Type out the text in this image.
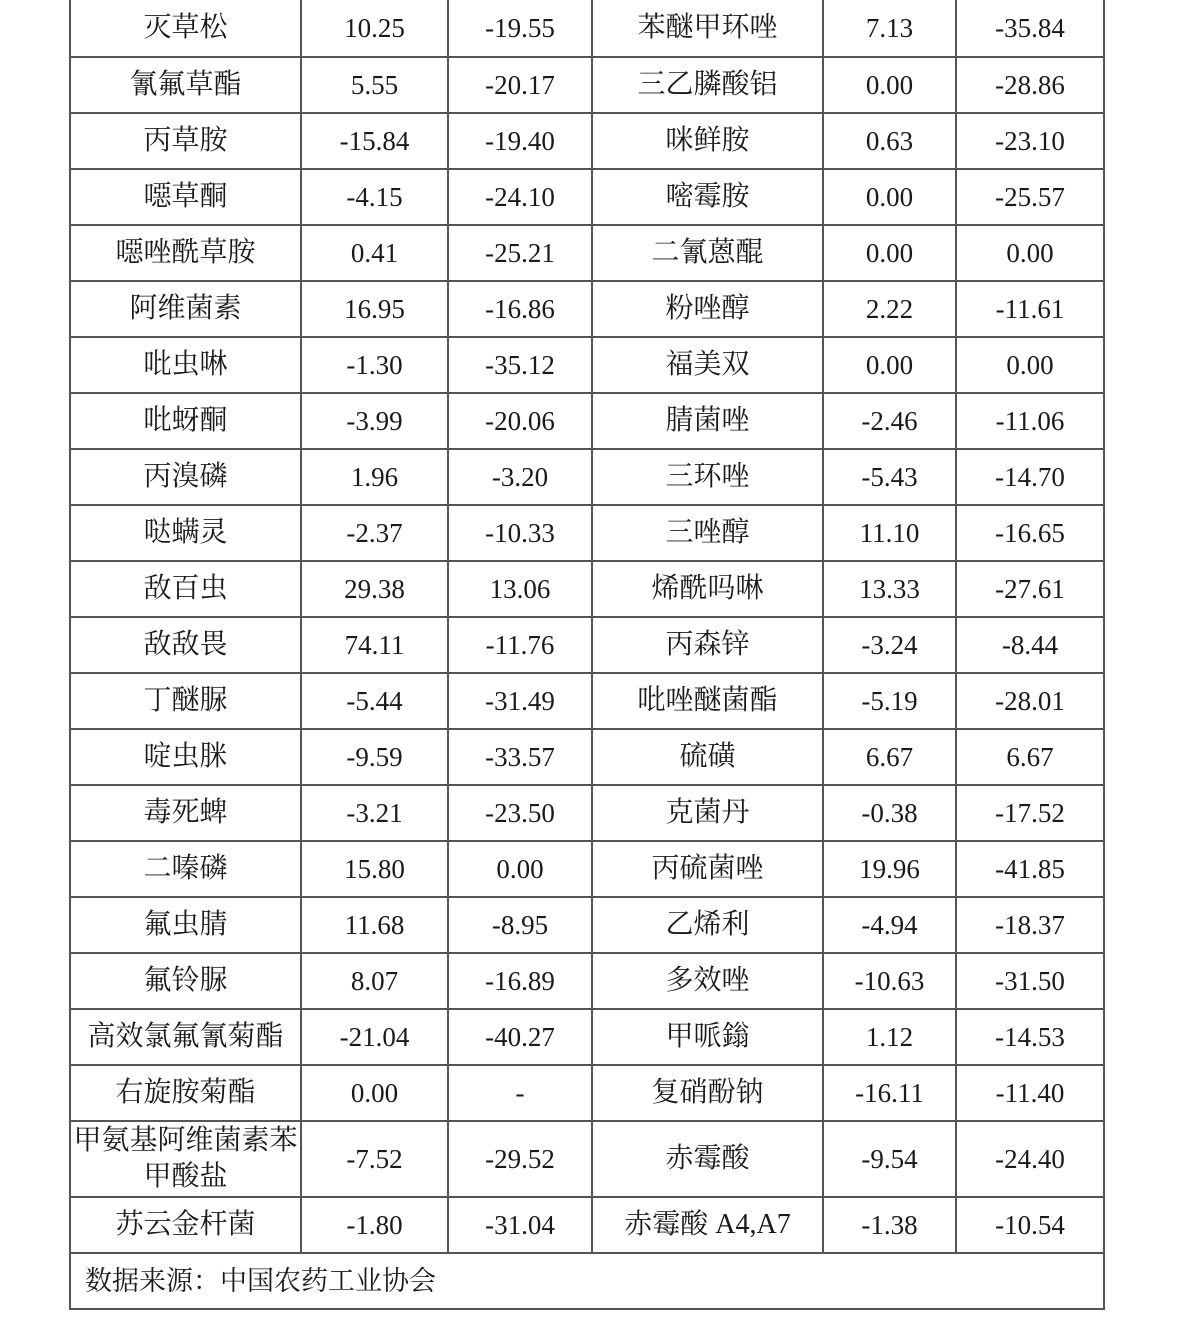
灭草松	10.25	-19.55	苯醚甲环唑	7.13	-35.84
氰氟草酯	5.55	-20.17	三乙膦酸铝	0.00	-28.86
丙草胺	-15.84	-19.40	咪鲜胺	0.63	-23.10
噁草酮	-4.15	-24.10	嘧霉胺	0.00	-25.57
噁唑酰草胺	0.41	-25.21	二氰蒽醌	0.00	0.00
阿维菌素	16.95	-16.86	粉唑醇	2.22	-11.61
吡虫啉	-1.30	-35.12	福美双	0.00	0.00
吡蚜酮	-3.99	-20.06	腈菌唑	-2.46	-11.06
丙溴磷	1.96	-3.20	三环唑	-5.43	-14.70
哒螨灵	-2.37	-10.33	三唑醇	11.10	-16.65
敌百虫	29.38	13.06	烯酰吗啉	13.33	-27.61
敌敌畏	74.11	-11.76	丙森锌	-3.24	-8.44
丁醚脲	-5.44	-31.49	吡唑醚菌酯	-5.19	-28.01
啶虫脒	-9.59	-33.57	硫磺	6.67	6.67
毒死蜱	-3.21	-23.50	克菌丹	-0.38	-17.52
二嗪磷	15.80	0.00	丙硫菌唑	19.96	-41.85
氟虫腈	11.68	-8.95	乙烯利	-4.94	-18.37
氟铃脲	8.07	-16.89	多效唑	-10.63	-31.50
高效氯氟氰菊酯	-21.04	-40.27	甲哌鎓	1.12	-14.53
右旋胺菊酯	0.00	-	复硝酚钠	-16.11	-11.40
甲氨基阿维菌素苯甲酸盐	-7.52	-29.52	赤霉酸	-9.54	-24.40
苏云金杆菌	-1.80	-31.04	赤霉酸 A4,A7	-1.38	-10.54
数据来源：中国农药工业协会					
